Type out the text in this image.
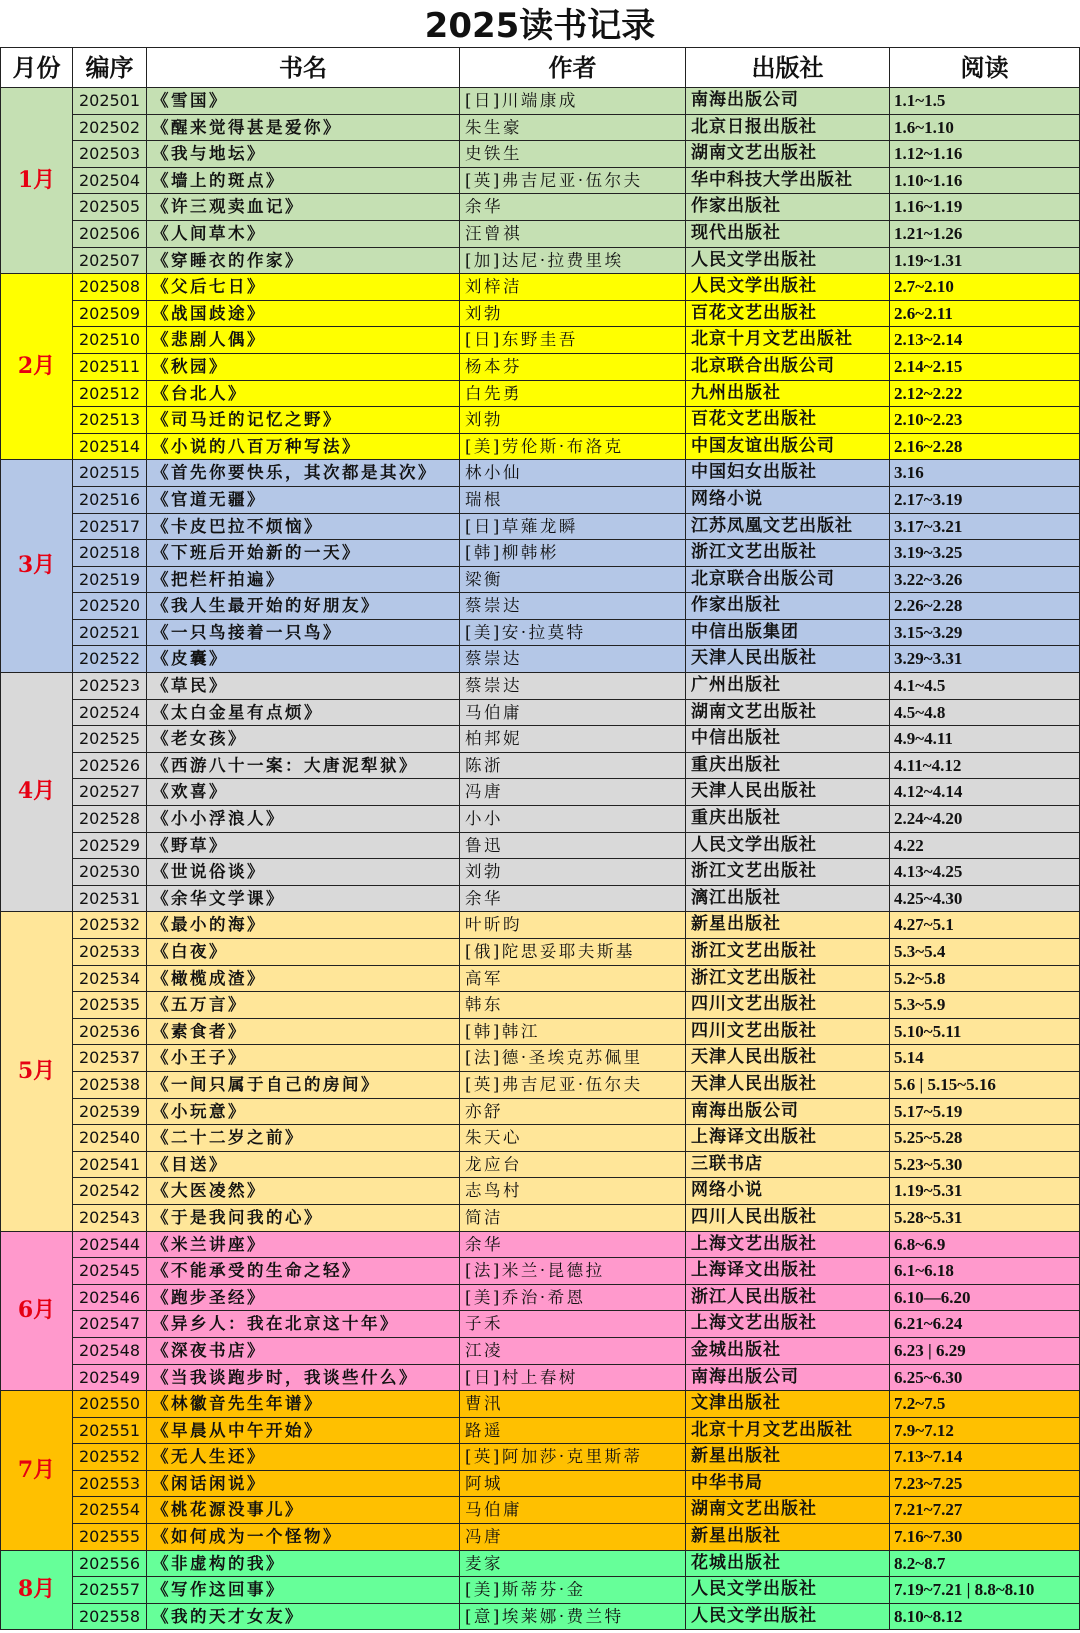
2025读书记录
月份	编序	书名	作者	出版社	阅读
1月
202501 《雪国》	[日]川端康成	南海出版公司	1.1~1.5
202502 《醒来觉得甚是爱你》	朱生豪	北京日报出版社	1.6~1.10
202503 《我与地坛》	史铁生	湖南文艺出版社	1.12~1.16
202504 《墙上的斑点》	[英]弗吉尼亚·伍尔夫	华中科技大学出版社	1.10~1.16
202505 《许三观卖血记》	余华	作家出版社	1.16~1.19
202506 《人间草木》	汪曾祺	现代出版社	1.21~1.26
202507 《穿睡衣的作家》	[加]达尼·拉费里埃	人民文学出版社	1.19~1.31
2月
202508 《父后七日》	刘梓洁	人民文学出版社	2.7~2.10
202509 《战国歧途》	刘勃	百花文艺出版社	2.6~2.11
202510 《悲剧人偶》	[日]东野圭吾	北京十月文艺出版社	2.13~2.14
202511 《秋园》	杨本芬	北京联合出版公司	2.14~2.15
202512 《台北人》	白先勇	九州出版社	2.12~2.22
202513 《司马迁的记忆之野》	刘勃	百花文艺出版社	2.10~2.23
202514 《小说的八百万种写法》	[美]劳伦斯·布洛克	中国友谊出版公司	2.16~2.28
3月
202515 《首先你要快乐，其次都是其次》	林小仙	中国妇女出版社	3.16
202516 《官道无疆》	瑞根	网络小说	2.17~3.19
202517 《卡皮巴拉不烦恼》	[日]草薙龙瞬	江苏凤凰文艺出版社	3.17~3.21
202518 《下班后开始新的一天》	[韩]柳韩彬	浙江文艺出版社	3.19~3.25
202519 《把栏杆拍遍》	梁衡	北京联合出版公司	3.22~3.26
202520 《我人生最开始的好朋友》	蔡崇达	作家出版社	2.26~2.28
202521 《一只鸟接着一只鸟》	[美]安·拉莫特	中信出版集团	3.15~3.29
202522 《皮囊》	蔡崇达	天津人民出版社	3.29~3.31
4月
202523 《草民》	蔡崇达	广州出版社	4.1~4.5
202524 《太白金星有点烦》	马伯庸	湖南文艺出版社	4.5~4.8
202525 《老女孩》	柏邦妮	中信出版社	4.9~4.11
202526 《西游八十一案：大唐泥犁狱》	陈浙	重庆出版社	4.11~4.12
202527 《欢喜》	冯唐	天津人民出版社	4.12~4.14
202528 《小小浮浪人》	小小	重庆出版社	2.24~4.20
202529 《野草》	鲁迅	人民文学出版社	4.22
202530 《世说俗谈》	刘勃	浙江文艺出版社	4.13~4.25
202531 《余华文学课》	余华	漓江出版社	4.25~4.30
5月
202532 《最小的海》	叶昕昀	新星出版社	4.27~5.1
202533 《白夜》	[俄]陀思妥耶夫斯基	浙江文艺出版社	5.3~5.4
202534 《橄榄成渣》	高军	浙江文艺出版社	5.2~5.8
202535 《五万言》	韩东	四川文艺出版社	5.3~5.9
202536 《素食者》	[韩]韩江	四川文艺出版社	5.10~5.11
202537 《小王子》	[法]德·圣埃克苏佩里	天津人民出版社	5.14
202538 《一间只属于自己的房间》	[英]弗吉尼亚·伍尔夫	天津人民出版社	5.6 | 5.15~5.16
202539 《小玩意》	亦舒	南海出版公司	5.17~5.19
202540 《二十二岁之前》	朱天心	上海译文出版社	5.25~5.28
202541 《目送》	龙应台	三联书店	5.23~5.30
202542 《大医凌然》	志鸟村	网络小说	1.19~5.31
202543 《于是我问我的心》	简洁	四川人民出版社	5.28~5.31
6月
202544 《米兰讲座》	余华	上海文艺出版社	6.8~6.9
202545 《不能承受的生命之轻》	[法]米兰·昆德拉	上海译文出版社	6.1~6.18
202546 《跑步圣经》	[美]乔治·希恩	浙江人民出版社	6.10—6.20
202547 《异乡人：我在北京这十年》	子禾	上海文艺出版社	6.21~6.24
202548 《深夜书店》	江凌	金城出版社	6.23 | 6.29
202549 《当我谈跑步时，我谈些什么》	[日]村上春树	南海出版公司	6.25~6.30
7月
202550 《林徽音先生年谱》	曹汛	文津出版社	7.2~7.5
202551 《早晨从中午开始》	路遥	北京十月文艺出版社	7.9~7.12
202552 《无人生还》	[英]阿加莎·克里斯蒂	新星出版社	7.13~7.14
202553 《闲话闲说》	阿城	中华书局	7.23~7.25
202554 《桃花源没事儿》	马伯庸	湖南文艺出版社	7.21~7.27
202555 《如何成为一个怪物》	冯唐	新星出版社	7.16~7.30
8月
202556 《非虚构的我》	麦家	花城出版社	8.2~8.7
202557 《写作这回事》	[美]斯蒂芬·金	人民文学出版社	7.19~7.21 | 8.8~8.10
202558 《我的天才女友》	[意]埃莱娜·费兰特	人民文学出版社	8.10~8.12
